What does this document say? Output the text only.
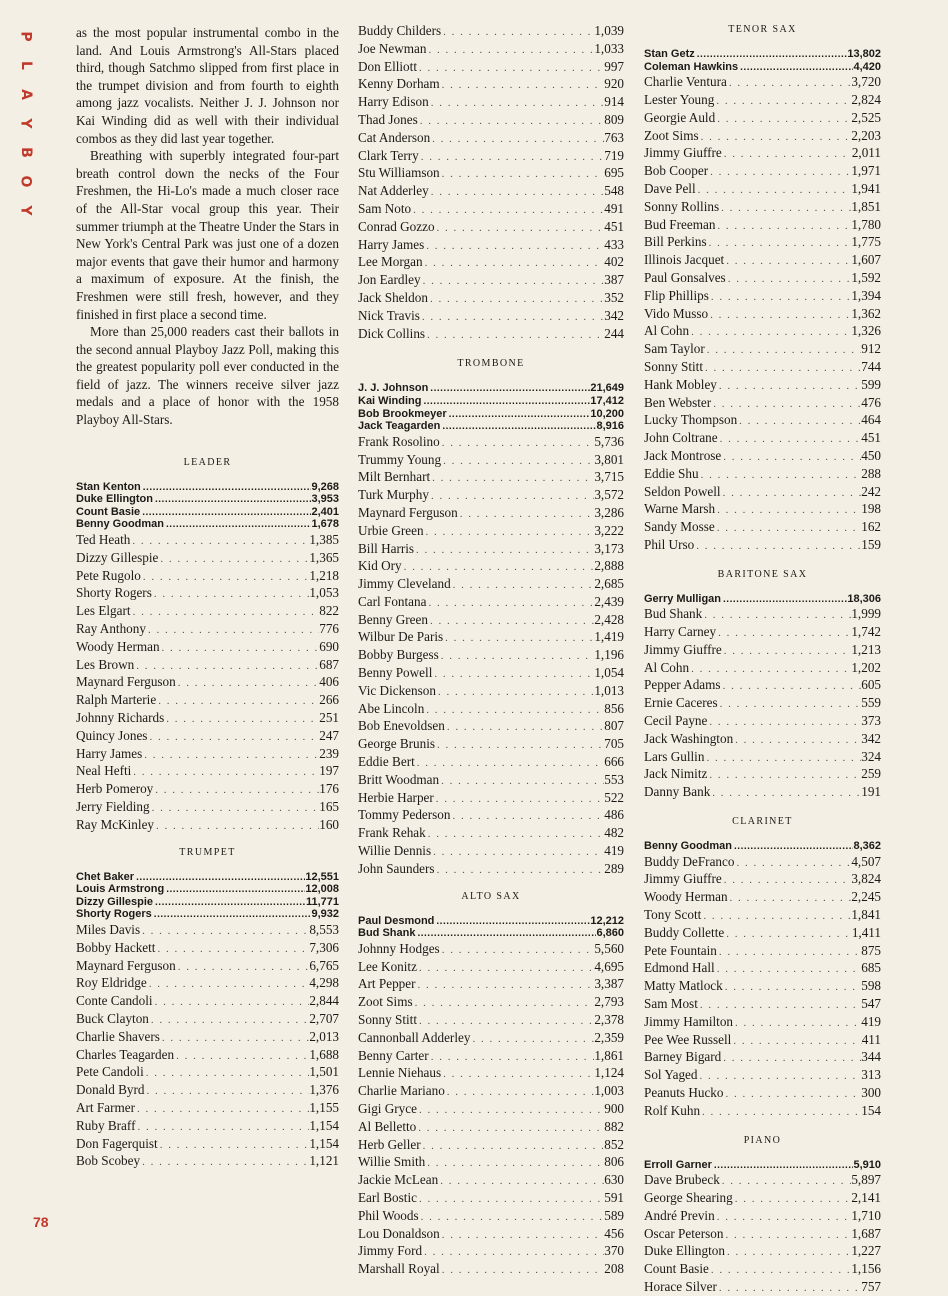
P
L
A
Y
B
O
Y
78

as the most popular instrumental combo in the land. And Louis Armstrong's All-Stars placed third, though Satchmo slipped from first place in the trumpet division and from fourth to eighth among jazz vocalists. Neither J. J. Johnson nor Kai Winding did as well with their individual combos as they did last year together.

Breathing with superbly integrated four-part breath control down the necks of the Four Freshmen, the Hi-Lo's made a much closer race of the All-Star vocal group this year. Their summer triumph at the Theatre Under the Stars in New York's Central Park was just one of a dozen major events that gave their humor and harmony a maximum of exposure. At the finish, the Freshmen were still fresh, however, and they finished in first place a second time.

More than 25,000 readers cast their ballots in the second annual Playboy Jazz Poll, making this the greatest popularity poll ever conducted in the field of jazz. The winners receive silver jazz medals and a place of honor with the 1958 Playboy All-Stars.

LEADER
Stan Kenton .....	9,268
Duke Ellington .....	3,953
Count Basie .....	2,401
Benny Goodman .....	1,678
Ted Heath . . .	1,385
Dizzy Gillespie . . .	1,365
Pete Rugolo . . .	1,218
Shorty Rogers . . .	1,053
Les Elgart . . .	822
Ray Anthony . . .	776
Woody Herman . . .	690
Les Brown . . .	687
Maynard Ferguson . . .	406
Ralph Marterie . . .	266
Johnny Richards . . .	251
Quincy Jones . . .	247
Harry James . . .	239
Neal Hefti . . .	197
Herb Pomeroy . . .	176
Jerry Fielding . . .	165
Ray McKinley . . .	160
TRUMPET
Chet Baker .....	12,551
Louis Armstrong .....	12,008
Dizzy Gillespie .....	11,771
Shorty Rogers .....	9,932
Miles Davis . . .	8,553
Bobby Hackett . . .	7,306
Maynard Ferguson . . .	6,765
Roy Eldridge . . .	4,298
Conte Candoli . . .	2,844
Buck Clayton . . .	2,707
Charlie Shavers . . .	2,013
Charles Teagarden . . .	1,688
Pete Candoli . . .	1,501
Donald Byrd . . .	1,376
Art Farmer . . .	1,155
Ruby Braff . . .	1,154
Don Fagerquist . . .	1,154
Bob Scobey . . .	1,121
Buddy Childers . . .	1,039
Joe Newman . . .	1,033
Don Elliott . . .	997
Kenny Dorham . . .	920
Harry Edison . . .	914
Thad Jones . . .	809
Cat Anderson . . .	763
Clark Terry . . .	719
Stu Williamson . . .	695
Nat Adderley . . .	548
Sam Noto . . .	491
Conrad Gozzo . . .	451
Harry James . . .	433
Lee Morgan . . .	402
Jon Eardley . . .	387
Jack Sheldon . . .	352
Nick Travis . . .	342
Dick Collins . . .	244
TROMBONE
J. J. Johnson .....	21,649
Kai Winding .....	17,412
Bob Brookmeyer .....	10,200
Jack Teagarden .....	8,916
Frank Rosolino . . .	5,736
Trummy Young . . .	3,801
Milt Bernhart . . .	3,715
Turk Murphy . . .	3,572
Maynard Ferguson . . .	3,286
Urbie Green . . .	3,222
Bill Harris . . .	3,173
Kid Ory . . .	2,888
Jimmy Cleveland . . .	2,685
Carl Fontana . . .	2,439
Benny Green . . .	2,428
Wilbur De Paris . . .	1,419
Bobby Burgess . . .	1,196
Benny Powell . . .	1,054
Vic Dickenson . . .	1,013
Abe Lincoln . . .	856
Bob Enevoldsen . . .	807
George Brunis . . .	705
Eddie Bert . . .	666
Britt Woodman . . .	553
Herbie Harper . . .	522
Tommy Pederson . . .	486
Frank Rehak . . .	482
Willie Dennis . . .	419
John Saunders . . .	289
ALTO SAX
Paul Desmond .....	12,212
Bud Shank .....	6,860
Johnny Hodges . . .	5,560
Lee Konitz . . .	4,695
Art Pepper . . .	3,387
Zoot Sims . . .	2,793
Sonny Stitt . . .	2,378
Cannonball Adderley . . .	2,359
Benny Carter . . .	1,861
Lennie Niehaus . . .	1,124
Charlie Mariano . . .	1,003
Gigi Gryce . . .	900
Al Belletto . . .	882
Herb Geller . . .	852
Willie Smith . . .	806
Jackie McLean . . .	630
Earl Bostic . . .	591
Phil Woods . . .	589
Lou Donaldson . . .	456
Jimmy Ford . . .	370
Marshall Royal . . .	208
TENOR SAX
Stan Getz .....	13,802
Coleman Hawkins .....	4,420
Charlie Ventura . . .	3,720
Lester Young . . .	2,824
Georgie Auld . . .	2,525
Zoot Sims . . .	2,203
Jimmy Giuffre . . .	2,011
Bob Cooper . . .	1,971
Dave Pell . . .	1,941
Sonny Rollins . . .	1,851
Bud Freeman . . .	1,780
Bill Perkins . . .	1,775
Illinois Jacquet . . .	1,607
Paul Gonsalves . . .	1,592
Flip Phillips . . .	1,394
Vido Musso . . .	1,362
Al Cohn . . .	1,326
Sam Taylor . . .	912
Sonny Stitt . . .	744
Hank Mobley . . .	599
Ben Webster . . .	476
Lucky Thompson . . .	464
John Coltrane . . .	451
Jack Montrose . . .	450
Eddie Shu . . .	288
Seldon Powell . . .	242
Warne Marsh . . .	198
Sandy Mosse . . .	162
Phil Urso . . .	159
BARITONE SAX
Gerry Mulligan .....	18,306
Bud Shank . . .	1,999
Harry Carney . . .	1,742
Jimmy Giuffre . . .	1,213
Al Cohn . . .	1,202
Pepper Adams . . .	605
Ernie Caceres . . .	559
Cecil Payne . . .	373
Jack Washington . . .	342
Lars Gullin . . .	324
Jack Nimitz . . .	259
Danny Bank . . .	191
CLARINET
Benny Goodman .....	8,362
Buddy DeFranco . . .	4,507
Jimmy Giuffre . . .	3,824
Woody Herman . . .	2,245
Tony Scott . . .	1,841
Buddy Collette . . .	1,411
Pete Fountain . . .	875
Edmond Hall . . .	685
Matty Matlock . . .	598
Sam Most . . .	547
Jimmy Hamilton . . .	419
Pee Wee Russell . . .	411
Barney Bigard . . .	344
Sol Yaged . . .	313
Peanuts Hucko . . .	300
Rolf Kuhn . . .	154
PIANO
Erroll Garner .....	5,910
Dave Brubeck . . .	5,897
George Shearing . . .	2,141
André Previn . . .	1,710
Oscar Peterson . . .	1,687
Duke Ellington . . .	1,227
Count Basie . . .	1,156
Horace Silver . . .	757
